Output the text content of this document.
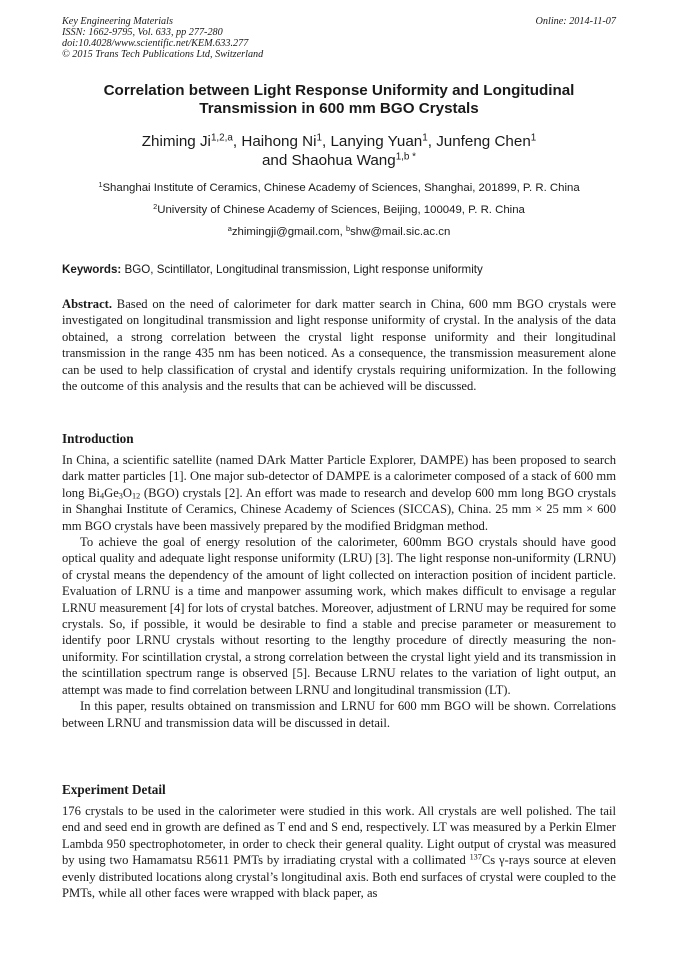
Key Engineering Materials
ISSN: 1662-9795, Vol. 633, pp 277-280
doi:10.4028/www.scientific.net/KEM.633.277
© 2015 Trans Tech Publications Ltd, Switzerland
Online: 2014-11-07
Correlation between Light Response Uniformity and Longitudinal
Transmission in 600 mm BGO Crystals
Zhiming Ji$^{1,2,a}$, Haihong Ni$^1$, Lanying Yuan$^1$, Junfeng Chen$^1$
and Shaohua Wang$^{1,b *}$
$^1$Shanghai Institute of Ceramics, Chinese Academy of Sciences, Shanghai, 201899, P. R. China
$^2$University of Chinese Academy of Sciences, Beijing, 100049, P. R. China
$^a$zhimingji@gmail.com, $^b$shw@mail.sic.ac.cn
Keywords: BGO, Scintillator, Longitudinal transmission, Light response uniformity
Abstract. Based on the need of calorimeter for dark matter search in China, 600 mm BGO crystals were investigated on longitudinal transmission and light response uniformity of crystal. In the analysis of the data obtained, a strong correlation between the crystal light response uniformity and their longitudinal transmission in the range 435 nm has been noticed. As a consequence, the transmission measurement alone can be used to help classification of crystal and identify crystals requiring uniformization. In the following the outcome of this analysis and the results that can be achieved will be discussed.
Introduction

In China, a scientific satellite (named DArk Matter Particle Explorer, DAMPE) has been proposed to search dark matter particles [1]. One major sub-detector of DAMPE is a calorimeter composed of a stack of 600 mm long $Bi_4Ge_3O_{12}$ (BGO) crystals [2]. An effort was made to research and develop 600 mm long BGO crystals in Shanghai Institute of Ceramics, Chinese Academy of Sciences (SICCAS), China. 25 mm × 25 mm × 600 mm BGO crystals have been massively prepared by the modified Bridgman method.

To achieve the goal of energy resolution of the calorimeter, 600mm BGO crystals should have good optical quality and adequate light response uniformity (LRU) [3]. The light response non-uniformity (LRNU) of crystal means the dependency of the amount of light collected on interaction position of incident particle. Evaluation of LRNU is a time and manpower assuming work, which makes difficult to envisage a regular LRNU measurement [4] for lots of crystal batches. Moreover, adjustment of LRNU may be required for some crystals. So, if possible, it would be desirable to find a stable and precise parameter or measurement to identify poor LRNU crystals without resorting to the lengthy procedure of directly measuring the non-uniformity. For scintillation crystal, a strong correlation between the crystal light yield and its transmission in the scintillation spectrum range is observed [5]. Because LRNU relates to the variation of light output, an attempt was made to find correlation between LRNU and longitudinal transmission (LT).

In this paper, results obtained on transmission and LRNU for 600 mm BGO will be shown. Correlations between LRNU and transmission data will be discussed in detail.

Experiment Detail

176 crystals to be used in the calorimeter were studied in this work. All crystals are well polished. The tail end and seed end in growth are defined as T end and S end, respectively. LT was measured by a Perkin Elmer Lambda 950 spectrophotometer, in order to check their general quality. Light output of crystal was measured by using two Hamamatsu R5611 PMTs by irradiating crystal with a collimated $^{137}$Cs γ-rays source at eleven evenly distributed locations along crystal’s longitudinal axis. Both end surfaces of crystal were coupled to the PMTs, while all other faces were wrapped with black paper, as
